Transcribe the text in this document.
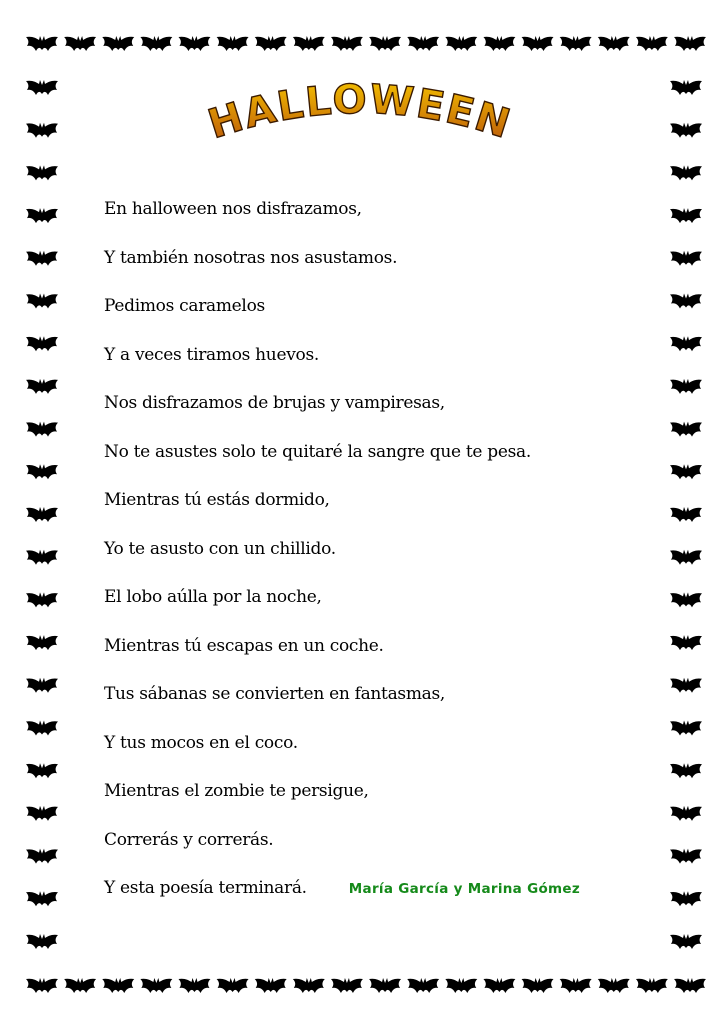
HALLOWEEN

En halloween nos disfrazamos,

Y también nosotras nos asustamos.

Pedimos caramelos

Y a veces tiramos huevos.

Nos disfrazamos de brujas y vampiresas,

No te asustes solo te quitaré la sangre que te pesa.

Mientras tú estás dormido,

Yo te asusto con un chillido.

El lobo aúlla por la noche,

Mientras tú escapas en un coche.

Tus sábanas se convierten en fantasmas,

Y tus mocos en el coco.

Mientras el zombie te persigue,

Correrás y correrás.

Y esta poesía terminará.	María García y Marina Gómez
